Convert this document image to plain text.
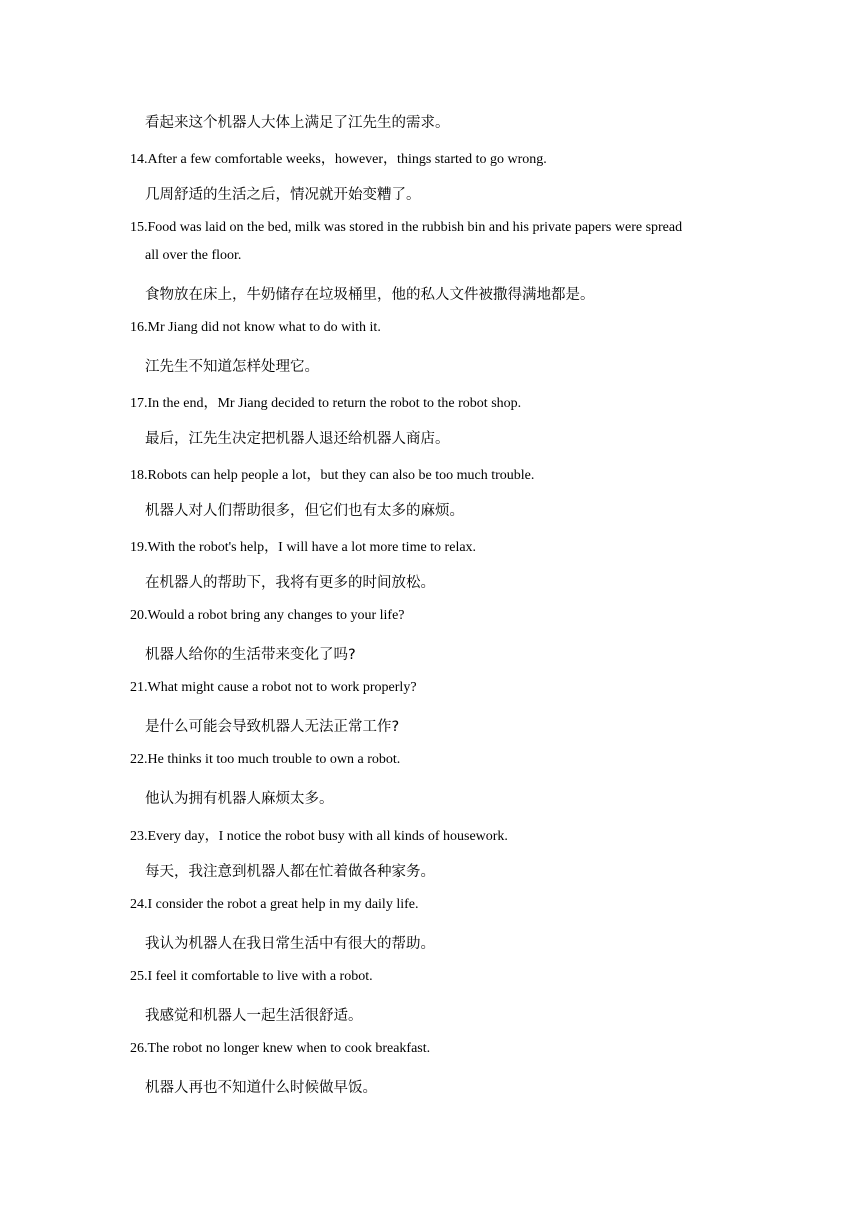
看起来这个机器人大体上满足了江先生的需求。
14.After a few comfortable weeks，however，things started to go wrong.
几周舒适的生活之后，情况就开始变糟了。
15.Food was laid on the bed, milk was stored in the rubbish bin and his private papers were spread
all over the floor.
食物放在床上，牛奶储存在垃圾桶里，他的私人文件被撒得满地都是。
16.Mr Jiang did not know what to do with it.
江先生不知道怎样处理它。
17.In the end，Mr Jiang decided to return the robot to the robot shop.
最后，江先生决定把机器人退还给机器人商店。
18.Robots can help people a lot，but they can also be too much trouble.
机器人对人们帮助很多，但它们也有太多的麻烦。
19.With the robot's help，I will have a lot more time to relax.
在机器人的帮助下，我将有更多的时间放松。
20.Would a robot bring any changes to your life?
机器人给你的生活带来变化了吗?
21.What might cause a robot not to work properly?
是什么可能会导致机器人无法正常工作?
22.He thinks it too much trouble to own a robot.
他认为拥有机器人麻烦太多。
23.Every day，I notice the robot busy with all kinds of housework.
每天，我注意到机器人都在忙着做各种家务。
24.I consider the robot a great help in my daily life.
我认为机器人在我日常生活中有很大的帮助。
25.I feel it comfortable to live with a robot.
我感觉和机器人一起生活很舒适。
26.The robot no longer knew when to cook breakfast.
机器人再也不知道什么时候做早饭。
